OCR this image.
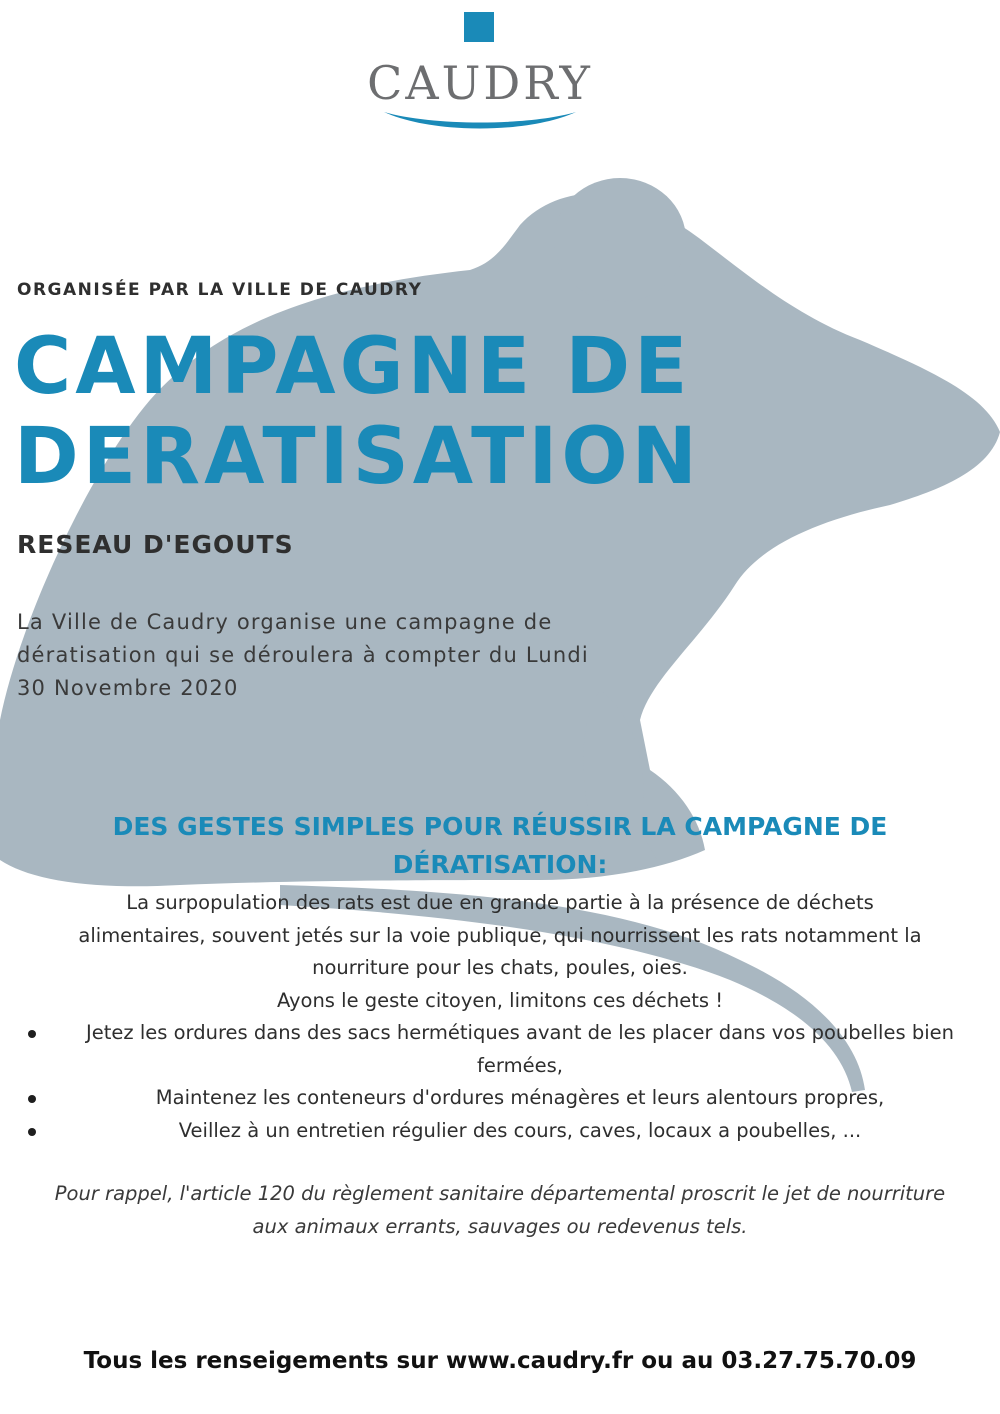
CAUDRY
ORGANISÉE PAR LA VILLE DE CAUDRY
CAMPAGNE DE
DERATISATION
RESEAU D'EGOUTS
La Ville de Caudry organise une campagne de
dératisation qui se déroulera à compter du Lundi
30 Novembre 2020
DES GESTES SIMPLES POUR RÉUSSIR LA CAMPAGNE DE
DÉRATISATION:

La surpopulation des rats est due en grande partie à la présence de déchets

alimentaires, souvent jetés sur la voie publique, qui nourrissent les rats notamment la

nourriture pour les chats, poules, oies.

Ayons le geste citoyen, limitons ces déchets !

Jetez les ordures dans des sacs hermétiques avant de les placer dans vos poubelles bien fermées,
Maintenez les conteneurs d'ordures ménagères et leurs alentours propres,
Veillez à un entretien régulier des cours, caves, locaux a poubelles, ...
Pour rappel, l'article 120 du règlement sanitaire départemental proscrit le jet de nourriture
aux animaux errants, sauvages ou redevenus tels.
Tous les renseigements sur www.caudry.fr ou au 03.27.75.70.09
